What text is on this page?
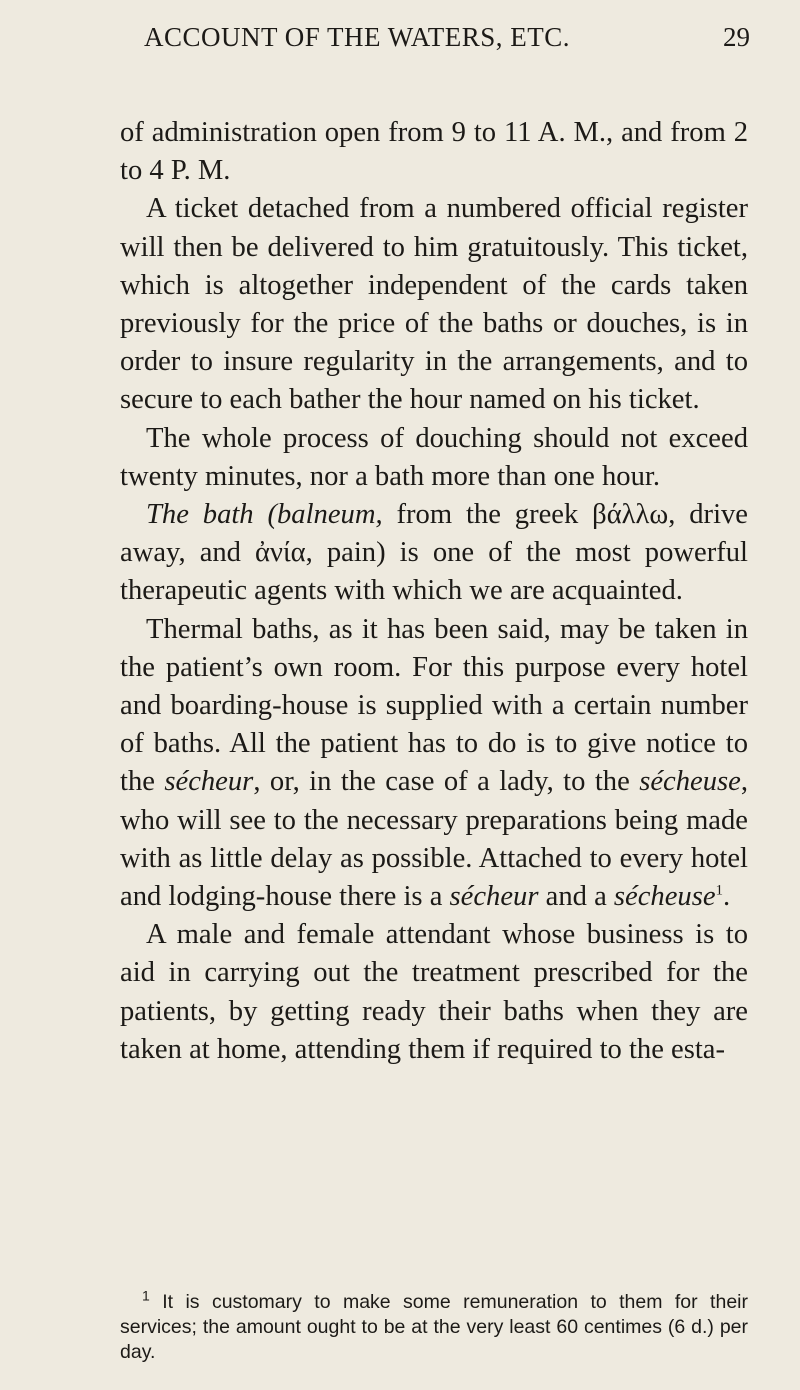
ACCOUNT OF THE WATERS, ETC.	29

of administration open from 9 to 11 A. M., and from 2 to 4 P. M.

A ticket detached from a numbered official register will then be delivered to him gratuitously. This ticket, which is altogether independent of the cards taken previously for the price of the baths or douches, is in order to insure regularity in the arrangements, and to secure to each bather the hour named on his ticket.

The whole process of douching should not exceed twenty minutes, nor a bath more than one hour.

The bath (balneum, from the greek βάλλω, drive away, and ἀνία, pain) is one of the most powerful therapeutic agents with which we are acquainted.

Thermal baths, as it has been said, may be taken in the patient’s own room. For this purpose every hotel and boarding-house is supplied with a certain number of baths. All the patient has to do is to give notice to the sécheur, or, in the case of a lady, to the sécheuse, who will see to the necessary preparations being made with as little delay as possible. Attached to every hotel and lodging-house there is a sécheur and a sécheuse$^1$.

A male and female attendant whose business is to aid in carrying out the treatment prescribed for the patients, by getting ready their baths when they are taken at home, attending them if required to the esta-

$^1$ It is customary to make some remuneration to them for their services; the amount ought to be at the very least 60 centimes (6 d.) per day.
